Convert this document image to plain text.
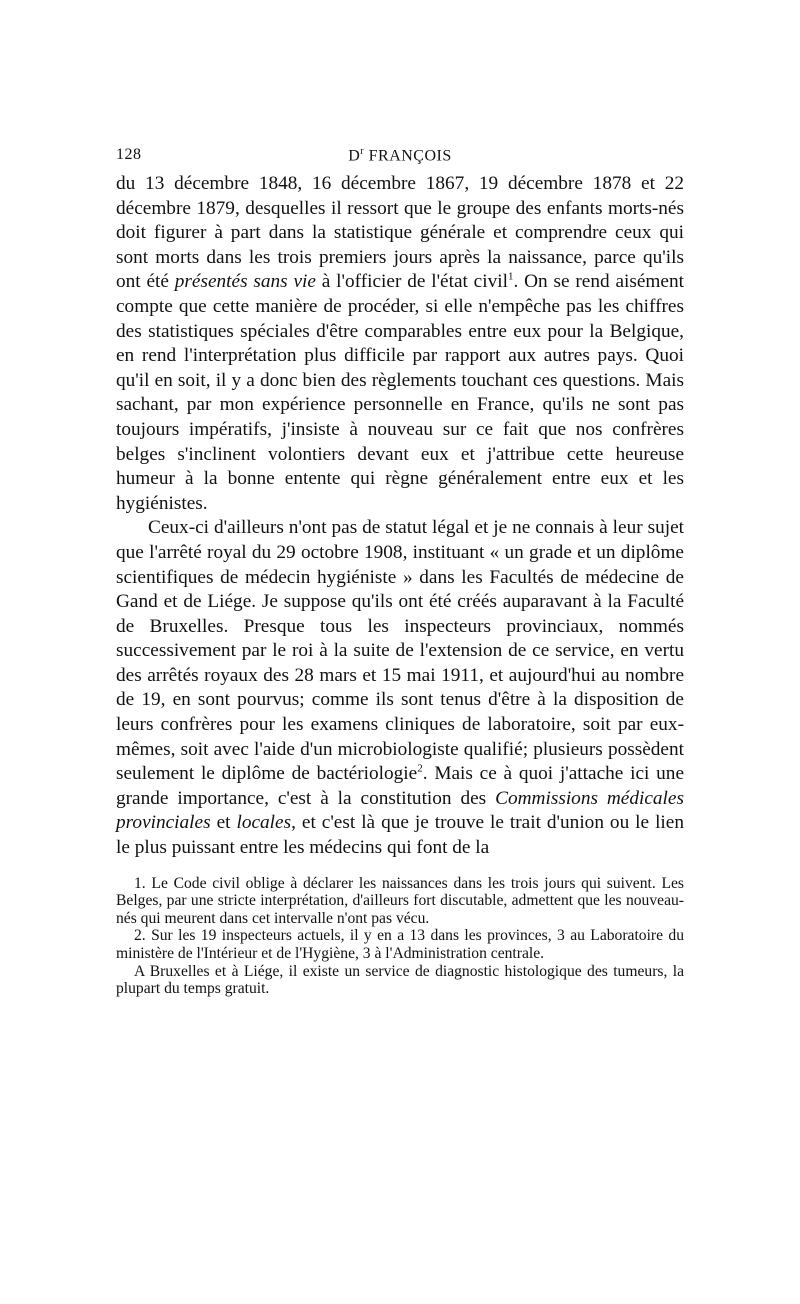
128	$D^r$ FRANÇOIS

du 13 décembre 1848, 16 décembre 1867, 19 décembre 1878 et 22 décembre 1879, desquelles il ressort que le groupe des enfants morts-nés doit figurer à part dans la statistique générale et comprendre ceux qui sont morts dans les trois premiers jours après la naissance, parce qu'ils ont été présentés sans vie à l'officier de l'état civil$^1$. On se rend aisément compte que cette manière de procéder, si elle n'empêche pas les chiffres des statistiques spéciales d'être comparables entre eux pour la Belgique, en rend l'interprétation plus difficile par rapport aux autres pays. Quoi qu'il en soit, il y a donc bien des règlements touchant ces questions. Mais sachant, par mon expérience personnelle en France, qu'ils ne sont pas toujours impératifs, j'insiste à nouveau sur ce fait que nos confrères belges s'inclinent volontiers devant eux et j'attribue cette heureuse humeur à la bonne entente qui règne généralement entre eux et les hygiénistes.

Ceux-ci d'ailleurs n'ont pas de statut légal et je ne connais à leur sujet que l'arrêté royal du 29 octobre 1908, instituant « un grade et un diplôme scientifiques de médecin hygiéniste » dans les Facultés de médecine de Gand et de Liége. Je suppose qu'ils ont été créés auparavant à la Faculté de Bruxelles. Presque tous les inspecteurs provinciaux, nommés successivement par le roi à la suite de l'extension de ce service, en vertu des arrêtés royaux des 28 mars et 15 mai 1911, et aujourd'hui au nombre de 19, en sont pourvus; comme ils sont tenus d'être à la disposition de leurs confrères pour les examens cliniques de laboratoire, soit par eux-mêmes, soit avec l'aide d'un microbiologiste qualifié; plusieurs possèdent seulement le diplôme de bactériologie$^2$. Mais ce à quoi j'attache ici une grande importance, c'est à la constitution des Commissions médicales provinciales et locales, et c'est là que je trouve le trait d'union ou le lien le plus puissant entre les médecins qui font de la

1. Le Code civil oblige à déclarer les naissances dans les trois jours qui suivent. Les Belges, par une stricte interprétation, d'ailleurs fort discutable, admettent que les nouveau-nés qui meurent dans cet intervalle n'ont pas vécu.

2. Sur les 19 inspecteurs actuels, il y en a 13 dans les provinces, 3 au Laboratoire du ministère de l'Intérieur et de l'Hygiène, 3 à l'Administration centrale.

A Bruxelles et à Liége, il existe un service de diagnostic histologique des tumeurs, la plupart du temps gratuit.
